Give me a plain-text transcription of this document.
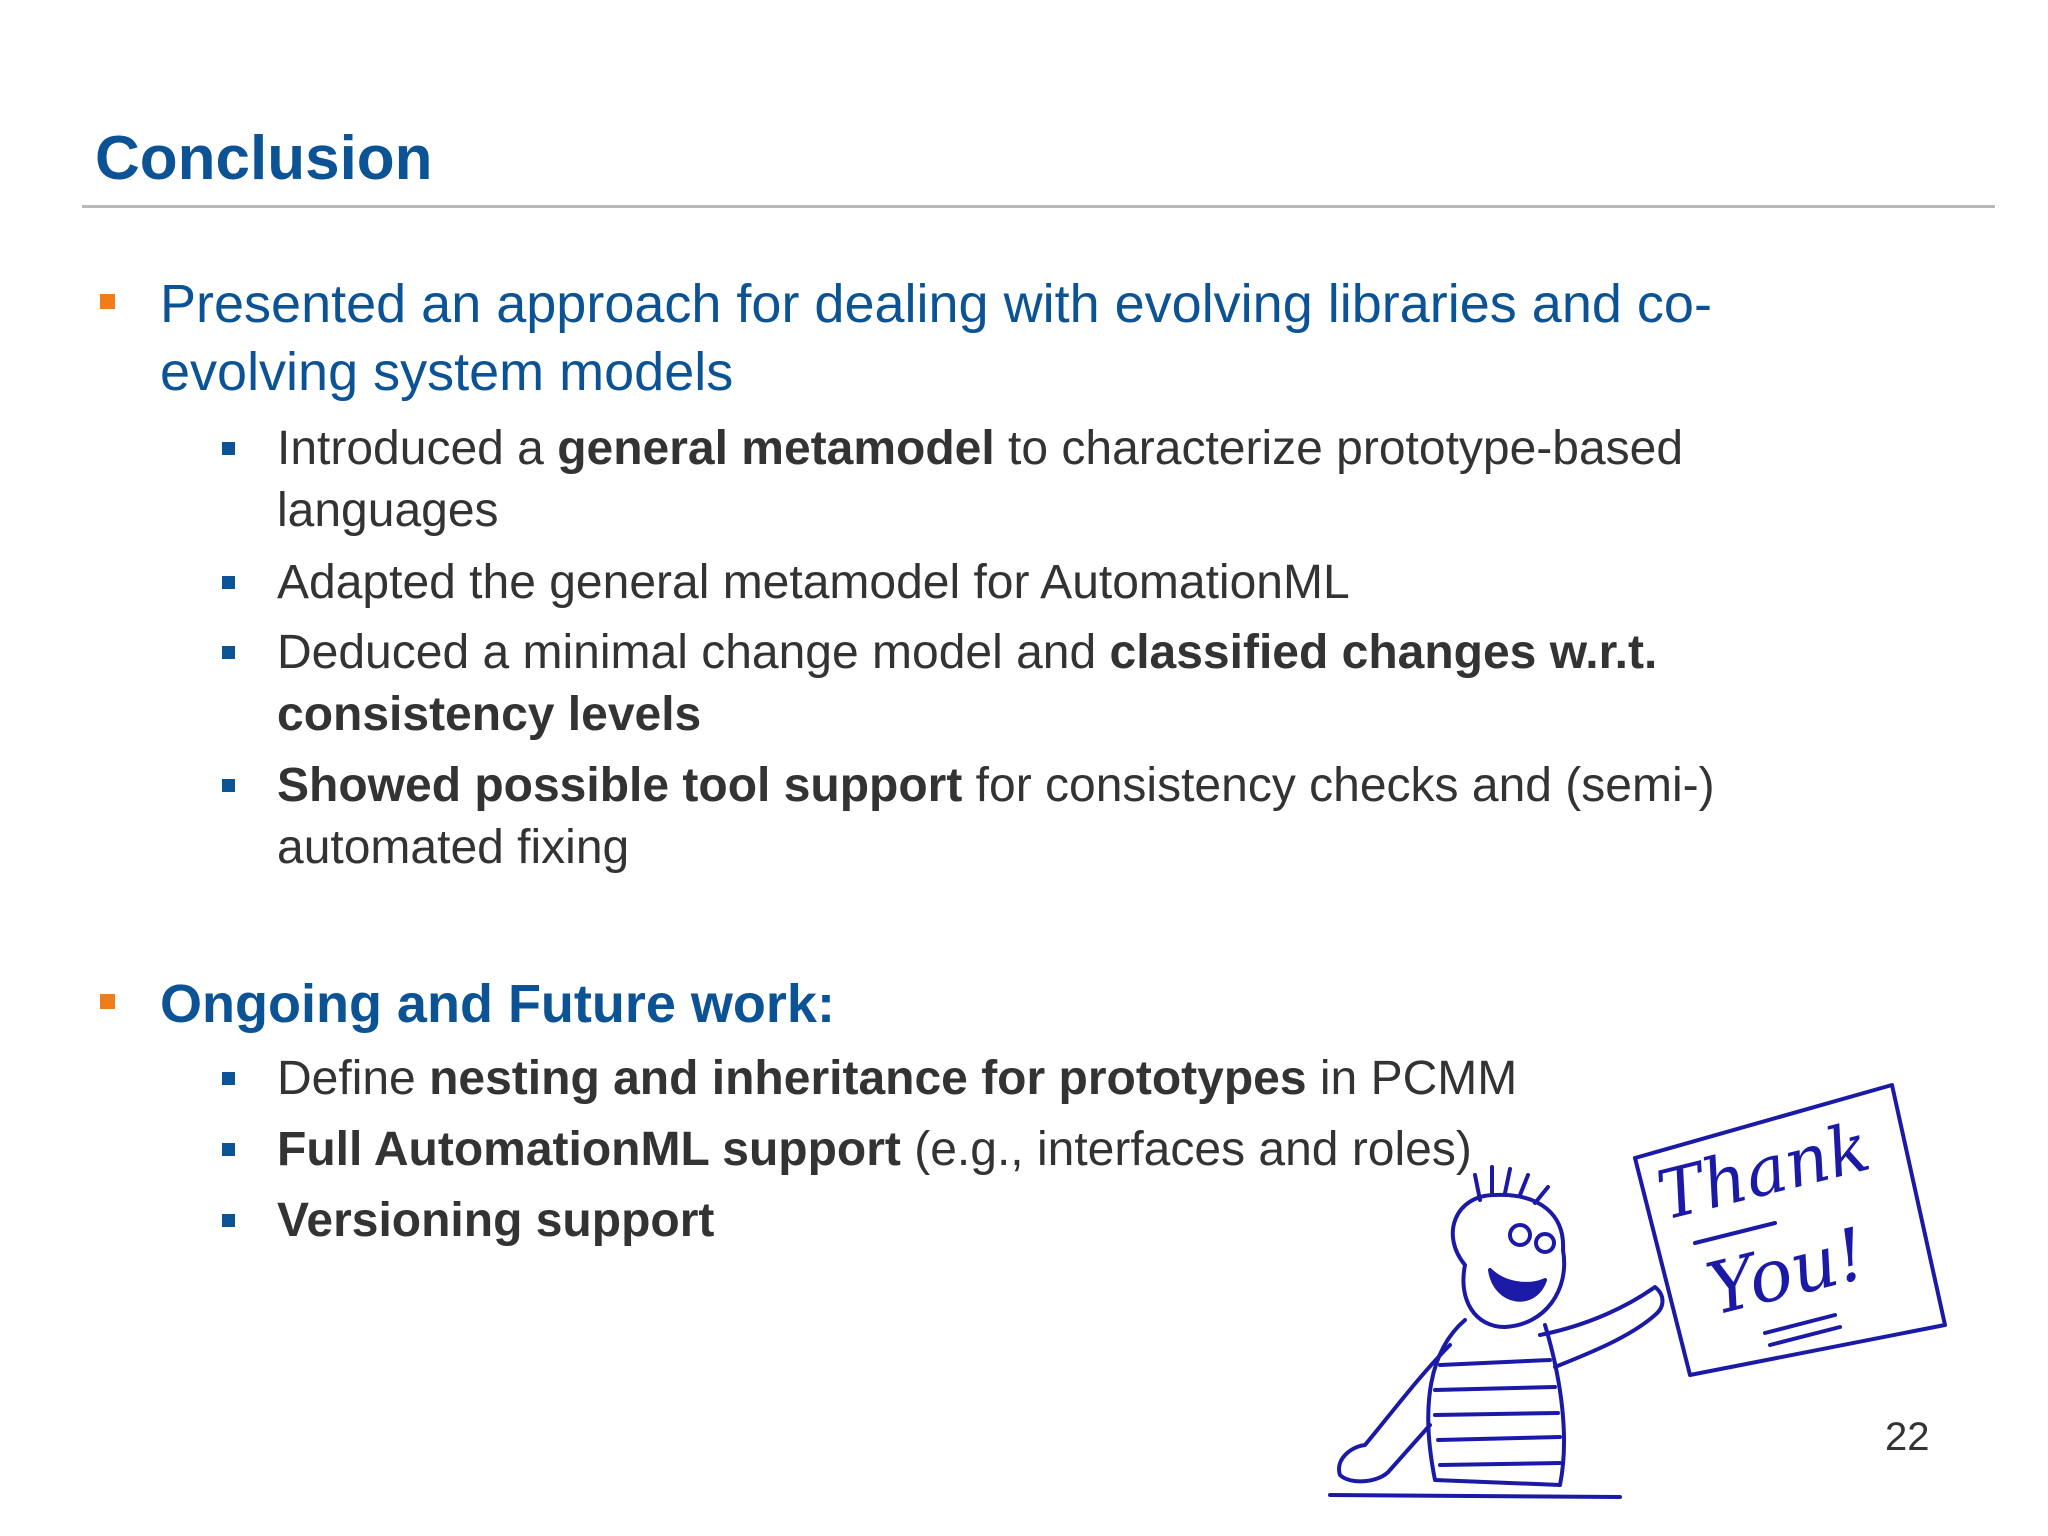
Conclusion
Presented an approach for dealing with evolving libraries and co-evolving system models
Introduced a general metamodel to characterize prototype-based languages
Adapted the general metamodel for AutomationML
Deduced a minimal change model and classified changes w.r.t. consistency levels
Showed possible tool support for consistency checks and (semi-) automated fixing
Ongoing and Future work:
Define nesting and inheritance for prototypes in PCMM
Full AutomationML support (e.g., interfaces and roles)
Versioning support	Thank
You!
22
